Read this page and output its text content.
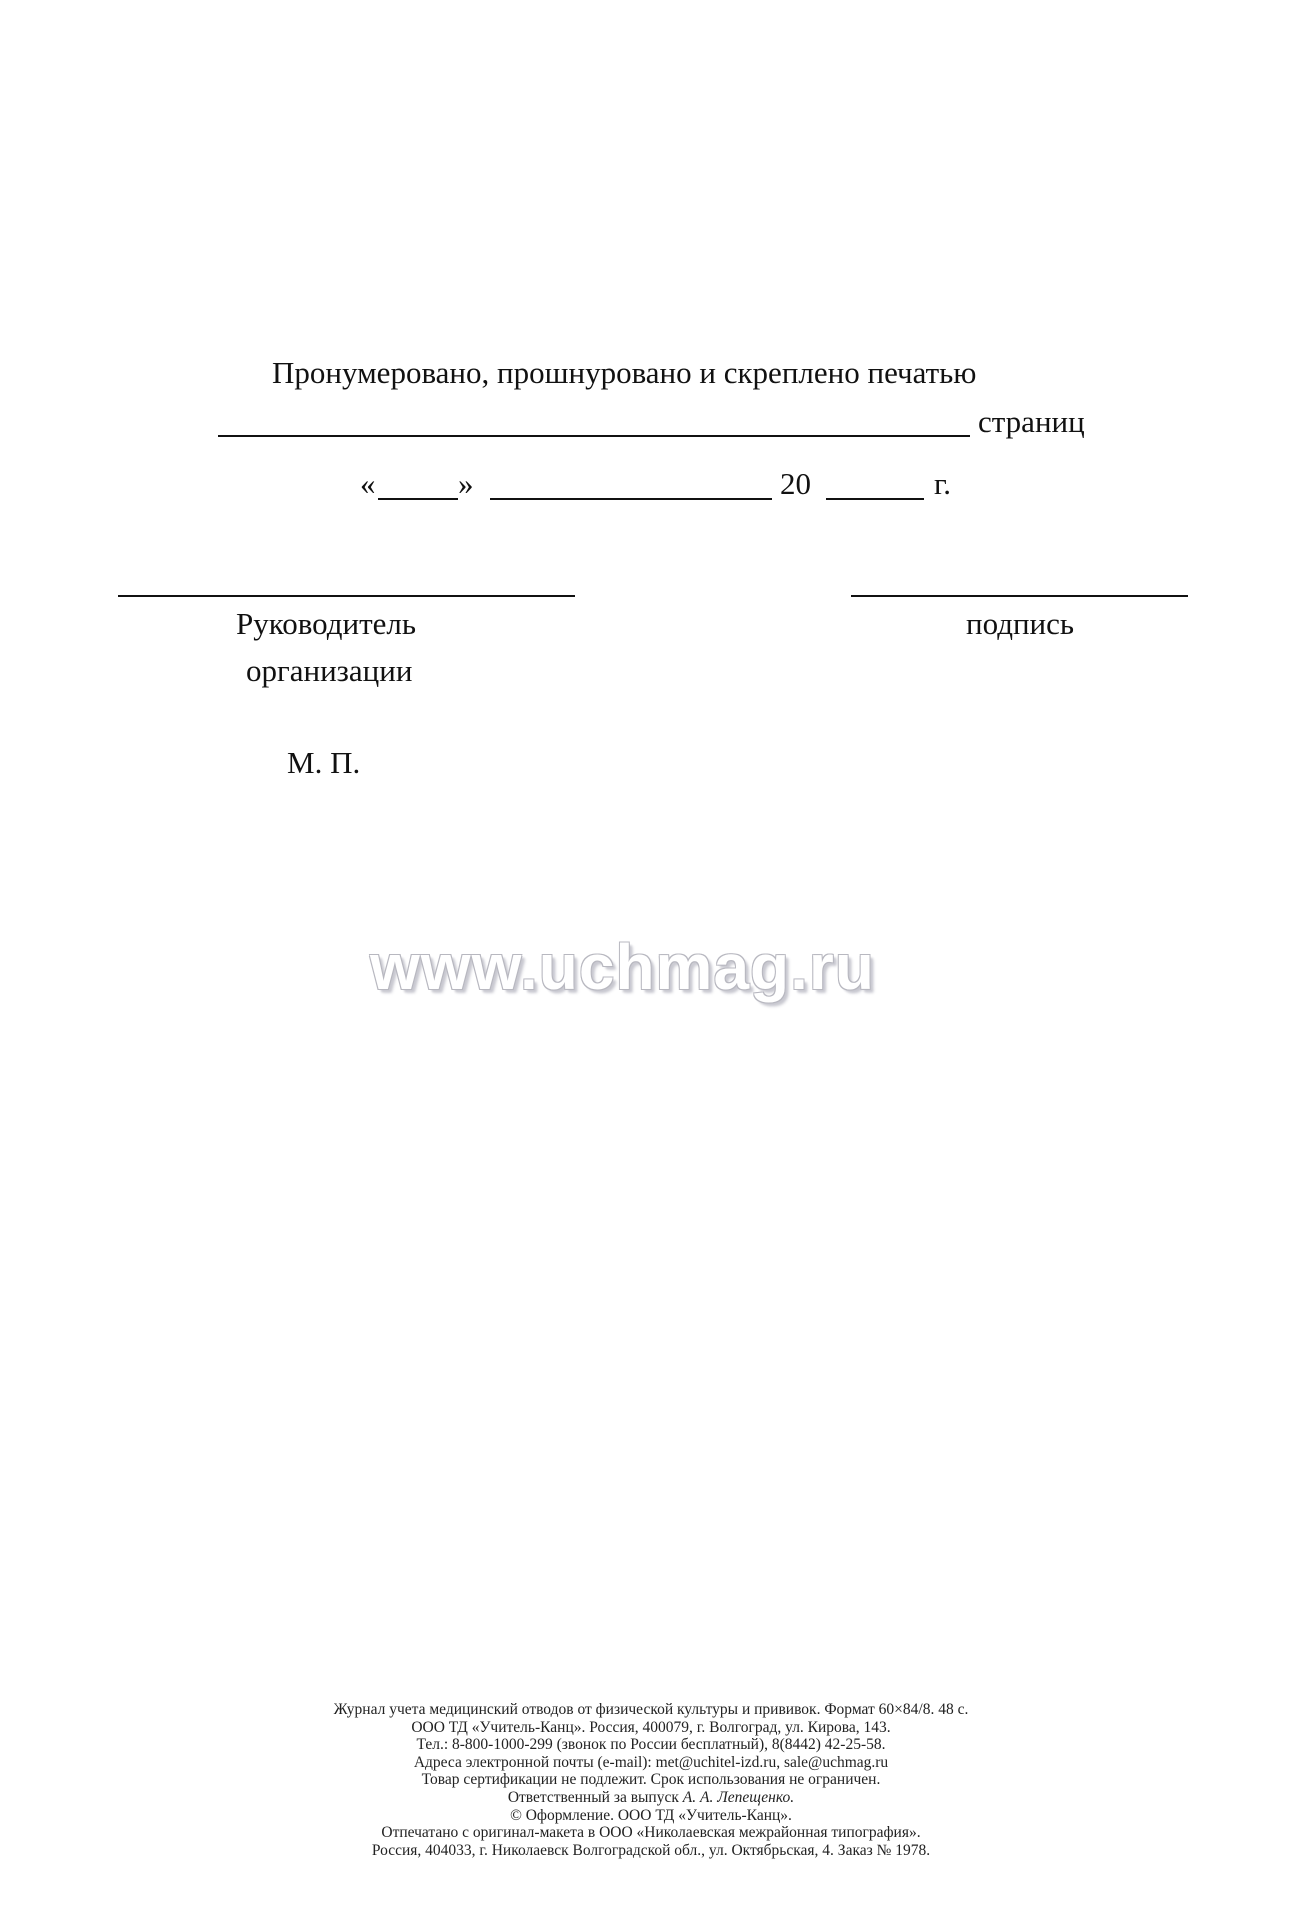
Пронумеровано, прошнуровано и скреплено печатью
страниц
«	»	20	г.
Руководитель
организации
подпись
М. П.
www.uchmag.ru
Журнал учета медицинский отводов от физической культуры и прививок. Формат 60×84/8. 48 с.
ООО ТД «Учитель-Канц». Россия, 400079, г. Волгоград, ул. Кирова, 143.
Тел.: 8-800-1000-299 (звонок по России бесплатный), 8(8442) 42-25-58.
Адреса электронной почты (e-mail): met@uchitel-izd.ru, sale@uchmag.ru
Товар сертификации не подлежит. Срок использования не ограничен.
Ответственный за выпуск А. А. Лепещенко.
© Оформление. ООО ТД «Учитель-Канц».
Отпечатано с оригинал-макета в ООО «Николаевская межрайонная типография».
Россия, 404033, г. Николаевск Волгоградской обл., ул. Октябрьская, 4. Заказ № 1978.
